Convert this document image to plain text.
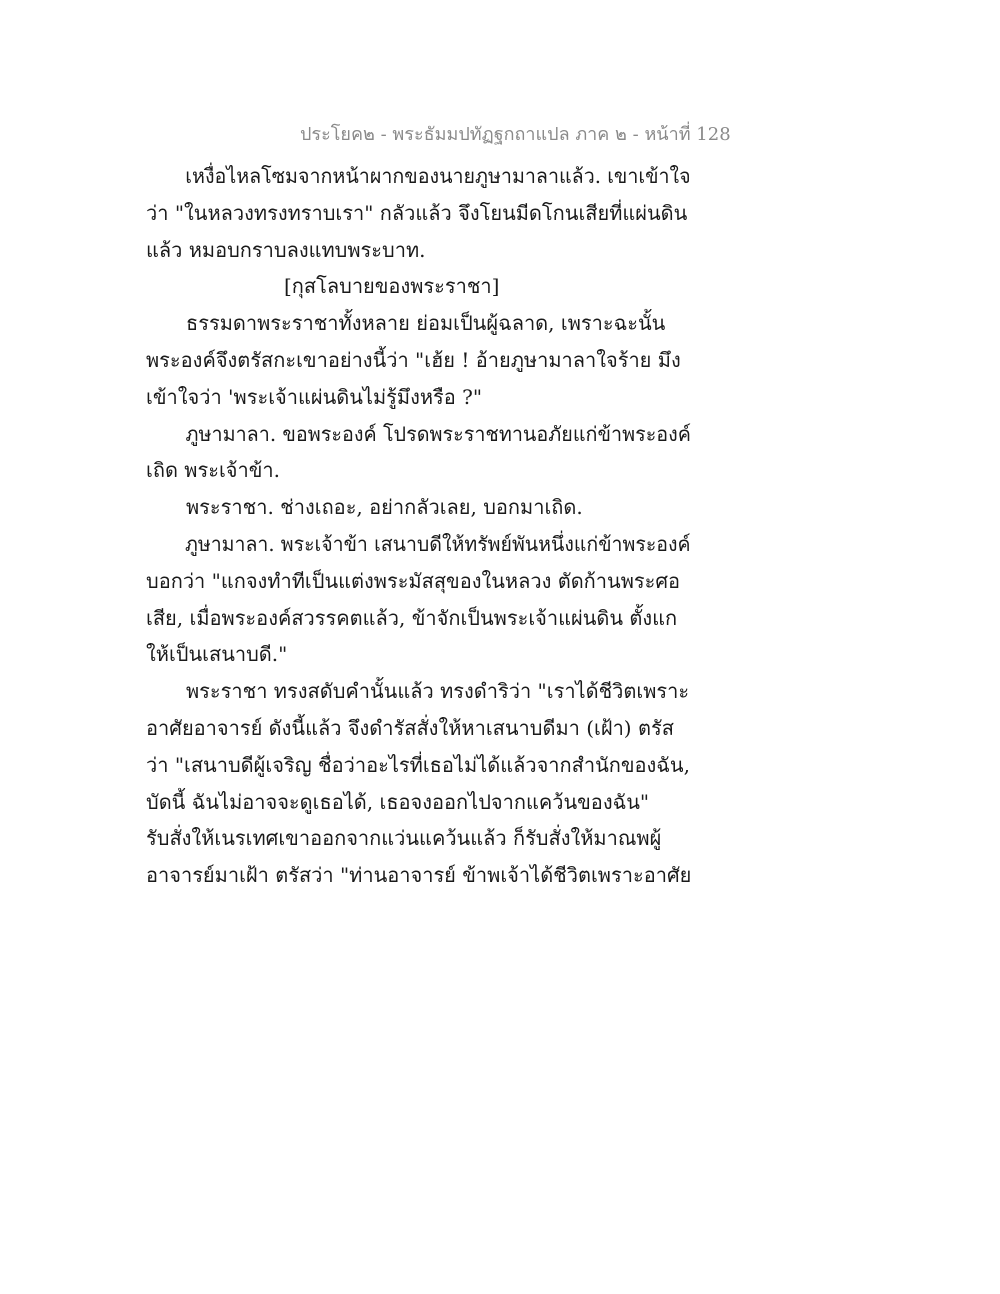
ประโยค๒ - พระธัมมปทัฏฐกถาแปล ภาค ๒ - หน้าที่ 128
เหงื่อไหลโซมจากหน้าผากของนายภูษามาลาแล้ว. เขาเข้าใจ
ว่า "ในหลวงทรงทราบเรา" กลัวแล้ว จึงโยนมีดโกนเสียที่แผ่นดิน
แล้ว หมอบกราบลงแทบพระบาท.
[กุสโลบายของพระราชา]
ธรรมดาพระราชาทั้งหลาย ย่อมเป็นผู้ฉลาด, เพราะฉะนั้น
พระองค์จึงตรัสกะเขาอย่างนี้ว่า "เฮ้ย ! อ้ายภูษามาลาใจร้าย มึง
เข้าใจว่า 'พระเจ้าแผ่นดินไม่รู้มึงหรือ ?"
ภูษามาลา. ขอพระองค์ โปรดพระราชทานอภัยแก่ข้าพระองค์
เถิด พระเจ้าข้า.
พระราชา. ช่างเถอะ, อย่ากลัวเลย, บอกมาเถิด.
ภูษามาลา. พระเจ้าข้า เสนาบดีให้ทรัพย์พันหนึ่งแก่ข้าพระองค์
บอกว่า "แกจงทำทีเป็นแต่งพระมัสสุของในหลวง ตัดก้านพระศอ
เสีย, เมื่อพระองค์สวรรคตแล้ว, ข้าจักเป็นพระเจ้าแผ่นดิน ตั้งแก
ให้เป็นเสนาบดี."
พระราชา ทรงสดับคำนั้นแล้ว ทรงดำริว่า "เราได้ชีวิตเพราะ
อาศัยอาจารย์ ดังนี้แล้ว จึงดำรัสสั่งให้หาเสนาบดีมา (เฝ้า) ตรัส
ว่า "เสนาบดีผู้เจริญ ชื่อว่าอะไรที่เธอไม่ได้แล้วจากสำนักของฉัน,
บัดนี้ ฉันไม่อาจจะดูเธอได้, เธอจงออกไปจากแคว้นของฉัน"
รับสั่งให้เนรเทศเขาออกจากแว่นแคว้นแล้ว ก็รับสั่งให้มาณพผู้
อาจารย์มาเฝ้า ตรัสว่า "ท่านอาจารย์ ข้าพเจ้าได้ชีวิตเพราะอาศัย
